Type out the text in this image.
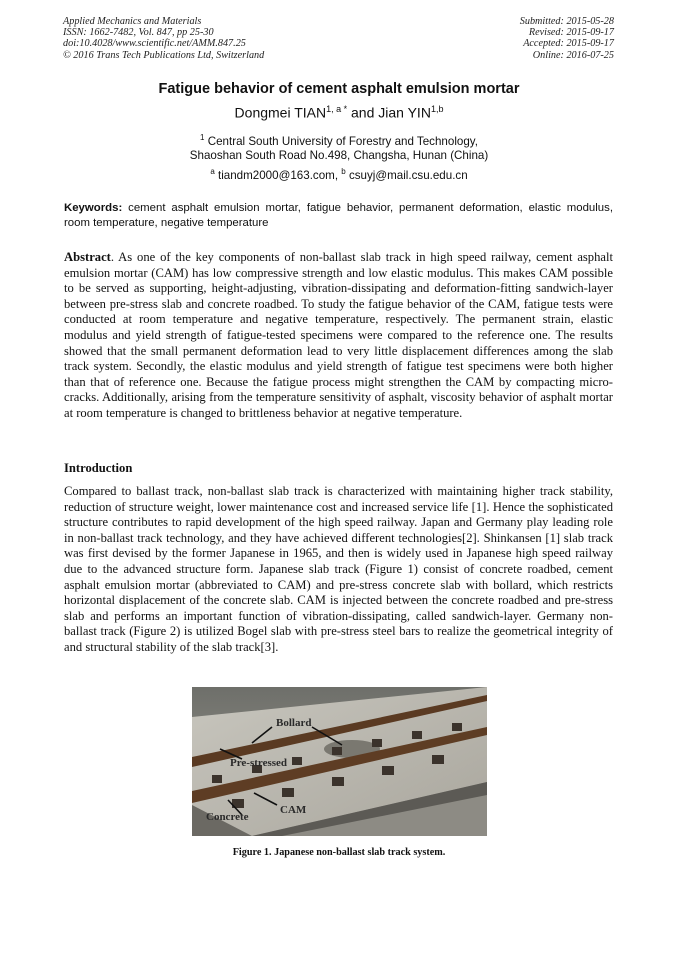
Applied Mechanics and Materials
ISSN: 1662-7482, Vol. 847, pp 25-30
doi:10.4028/www.scientific.net/AMM.847.25
© 2016 Trans Tech Publications Ltd, Switzerland
Submitted: 2015-05-28
Revised: 2015-09-17
Accepted: 2015-09-17
Online: 2016-07-25
Fatigue behavior of cement asphalt emulsion mortar
Dongmei $TIAN^{1, a *}$ and Jian YIN$^{1,b}$
$^1$ Central South University of Forestry and Technology,
Shaoshan South Road No.498, Changsha, Hunan (China)
$^a$ tiandm2000@163.com, $^b$ csuyj@mail.csu.edu.cn
Keywords: cement asphalt emulsion mortar, fatigue behavior, permanent deformation, elastic modulus, room temperature, negative temperature
Abstract. As one of the key components of non-ballast slab track in high speed railway, cement asphalt emulsion mortar (CAM) has low compressive strength and low elastic modulus. This makes CAM possible to be served as supporting, height-adjusting, vibration-dissipating and deformation-fitting sandwich-layer between pre-stress slab and concrete roadbed. To study the fatigue behavior of the CAM, fatigue tests were conducted at room temperature and negative temperature, respectively. The permanent strain, elastic modulus and yield strength of fatigue-tested specimens were compared to the reference one. The results showed that the small permanent deformation lead to very little displacement differences among the slab track system. Secondly, the elastic modulus and yield strength of fatigue test specimens were both higher than that of reference one. Because the fatigue process might strengthen the CAM by compacting micro-cracks. Additionally, arising from the temperature sensitivity of asphalt, viscosity behavior of asphalt mortar at room temperature is changed to brittleness behavior at negative temperature.
Introduction
Compared to ballast track, non-ballast slab track is characterized with maintaining higher track stability, reduction of structure weight, lower maintenance cost and increased service life [1]. Hence the sophisticated structure contributes to rapid development of the high speed railway. Japan and Germany play leading role in non-ballast track technology, and they have achieved different technologies[2]. Shinkansen [1] slab track was first devised by the former Japanese in 1965, and then is widely used in Japanese high speed railway due to the advanced structure form. Japanese slab track (Figure 1) consist of concrete roadbed, cement asphalt emulsion mortar (abbreviated to CAM) and pre-stress concrete slab with bollard, which restricts horizontal displacement of the concrete slab. CAM is injected between the concrete roadbed and pre-stress slab and performs an important function of vibration-dissipating, called sandwich-layer. Germany non-ballast track (Figure 2) is utilized Bogel slab with pre-stress steel bars to realize the geometrical integrity of and structural stability of the slab track[3].
Bollard
Pre-stressed
CAM
Concrete
Figure 1. Japanese non-ballast slab track system.
